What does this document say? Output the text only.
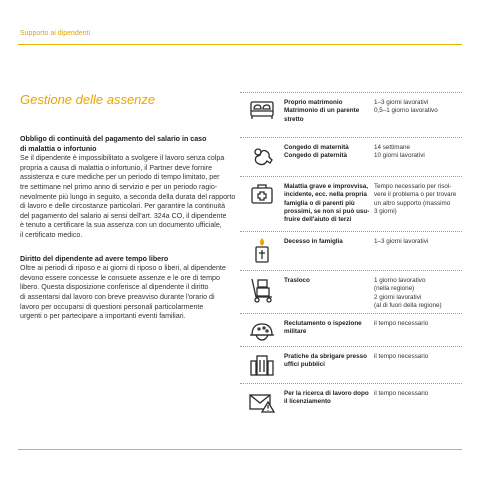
Supporto ai dipendenti
Gestione delle assenze

Obbligo di continuità del pagamento del salario in caso
di malattia o infortunio

Se il dipendente è impossibilitato a svolgere il lavoro senza colpa
propria a causa di malattia o infortunio, il Partner deve fornire
assistenza e cure mediche per un periodo di tempo limitato, per
tre settimane nel primo anno di servizio e per un periodo ragio-
nevolmente più lungo in seguito, a seconda della durata del rapporto
di lavoro e delle circostanze particolari. Per garantire la continuità
del pagamento del salario ai sensi dell'art. 324a CO, il dipendente
è tenuto a certificare la sua assenza con un documento ufficiale,
il certificato medico.

Diritto del dipendente ad avere tempo libero

Oltre ai periodi di riposo e ai giorni di riposo o liberi, al dipendente
devono essere concesse le consuete assenze e le ore di tempo
libero. Questa disposizione conferisce al dipendente il diritto
di assentarsi dal lavoro con breve preavviso durante l'orario di
lavoro per occuparsi di questioni personali particolarmente
urgenti o per partecipare a importanti eventi familiari.

Proprio matrimonio
Matrimonio di un parente
stretto
1–3 giorni lavorativi
0,5–1 giorno lavorativo
Congedo di maternità
Congedo di paternità
14 settimane
10 giorni lavorativi
Malattia grave e improvvisa,
incidente, ecc. nella propria
famiglia o di parenti più
prossimi, se non si può usu-
fruire dell'aiuto di terzi
Tempo necessario per risol-
vere il problema o per trovare
un altro supporto (massimo
3 giorni)
Decesso in famiglia	1–3 giorni lavorativi
Trasloco	1 giorno lavorativo
(nella regione)
2 giorni lavorativi
(al di fuori della regione)
Reclutamento o ispezione
militare
il tempo necessario
Pratiche da sbrigare presso
uffici pubblici
il tempo necessario
Per la ricerca di lavoro dopo
il licenziamento
il tempo necessario
